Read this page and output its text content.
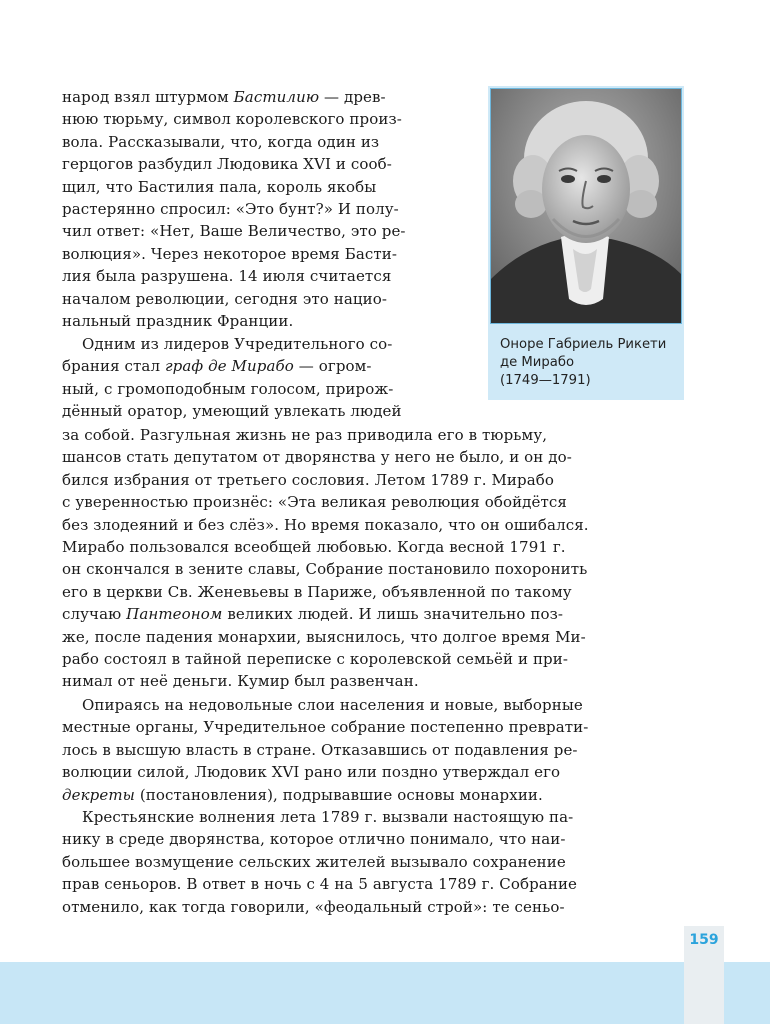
Оноре Габриель Рикети
де Мирабо
(1749—1791)

народ взял штурмом Бастилию — древ-

нюю тюрьму, символ королевского произ-

вола. Рассказывали, что, когда один из

герцогов разбудил Людовика XVI и сооб-

щил, что Бастилия пала, король якобы

растерянно спросил: «Это бунт?» И полу-

чил ответ: «Нет, Ваше Величество, это ре-

волюция». Через некоторое время Басти-

лия была разрушена. 14 июля считается

началом революции, сегодня это нацио-

нальный праздник Франции.

Одним из лидеров Учредительного со-

брания стал граф де Мирабо — огром-

ный, с громоподобным голосом, прирож-

дённый оратор, умеющий увлекать людей

за собой. Разгульная жизнь не раз приводила его в тюрьму,

шансов стать депутатом от дворянства у него не было, и он до-

бился избрания от третьего сословия. Летом 1789 г. Мирабо

с уверенностью произнёс: «Эта великая революция обойдётся

без злодеяний и без слёз». Но время показало, что он ошибался.

Мирабо пользовался всеобщей любовью. Когда весной 1791 г.

он скончался в зените славы, Собрание постановило похоронить

его в церкви Св. Женевьевы в Париже, объявленной по такому

случаю Пантеоном великих людей. И лишь значительно поз-

же, после падения монархии, выяснилось, что долгое время Ми-

рабо состоял в тайной переписке с королевской семьёй и при-

нимал от неё деньги. Кумир был развенчан.

Опираясь на недовольные слои населения и новые, выборные

местные органы, Учредительное собрание постепенно преврати-

лось в высшую власть в стране. Отказавшись от подавления ре-

волюции силой, Людовик XVI рано или поздно утверждал его

декреты (постановления), подрывавшие основы монархии.

Крестьянские волнения лета 1789 г. вызвали настоящую па-

нику в среде дворянства, которое отлично понимало, что наи-

большее возмущение сельских жителей вызывало сохранение

прав сеньоров. В ответ в ночь с 4 на 5 августа 1789 г. Собрание

отменило, как тогда говорили, «феодальный строй»: те сеньо-

159
